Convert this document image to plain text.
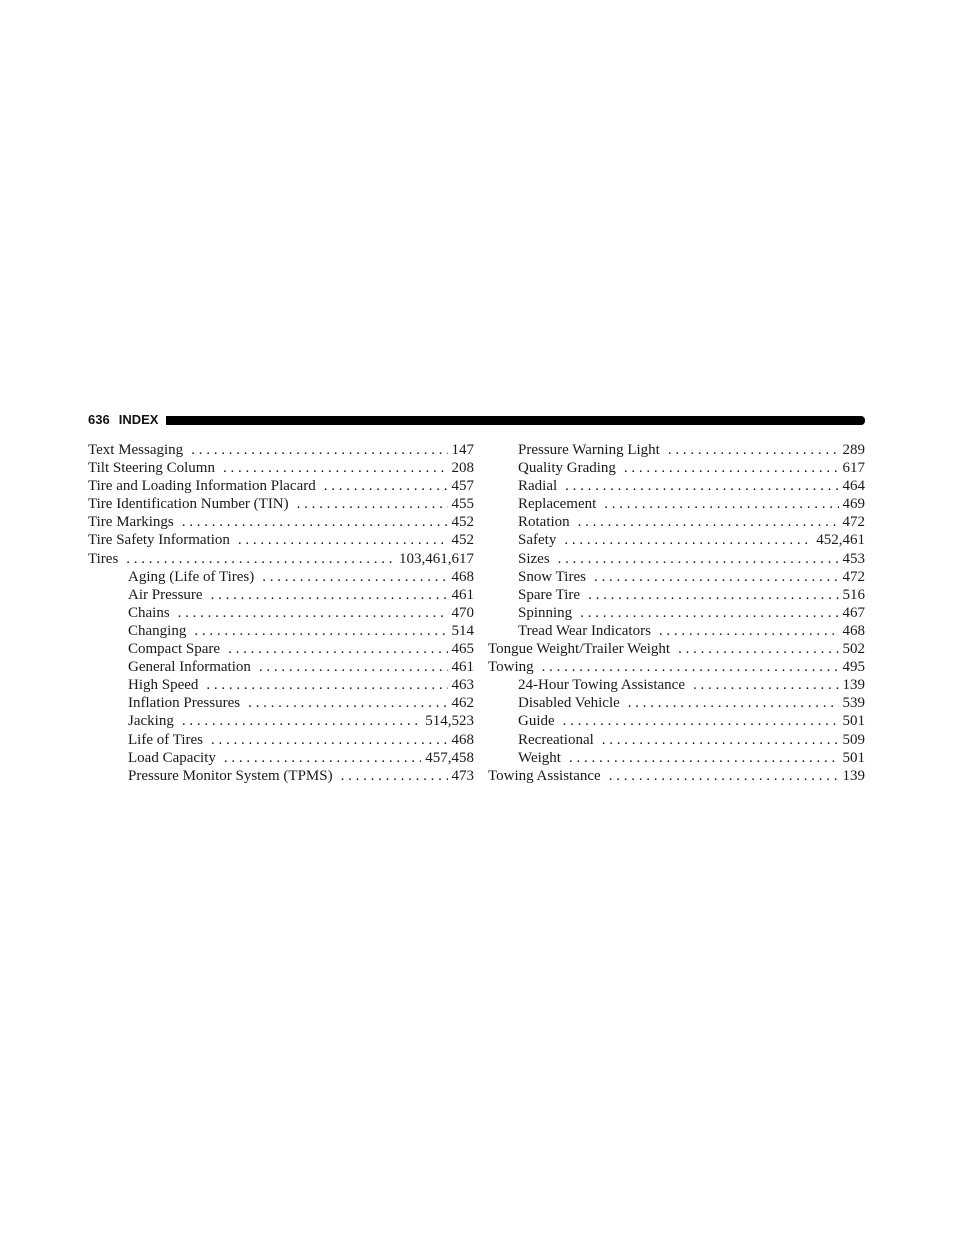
636 INDEX
Text Messaging . . .	147
Tilt Steering Column . . .	208
Tire and Loading Information Placard . . .	457
Tire Identification Number (TIN) . . .	455
Tire Markings . . .	452
Tire Safety Information . . .	452
Tires . . .	103,461,617
Aging (Life of Tires) . . .	468
Air Pressure . . .	461
Chains . . .	470
Changing . . .	514
Compact Spare . . .	465
General Information . . .	461
High Speed . . .	463
Inflation Pressures . . .	462
Jacking . . .	514,523
Life of Tires . . .	468
Load Capacity . . .	457,458
Pressure Monitor System (TPMS) . . .	473
Pressure Warning Light . . .	289
Quality Grading . . .	617
Radial . . .	464
Replacement . . .	469
Rotation . . .	472
Safety . . .	452,461
Sizes . . .	453
Snow Tires . . .	472
Spare Tire . . .	516
Spinning . . .	467
Tread Wear Indicators . . .	468
Tongue Weight/Trailer Weight . . .	502
Towing . . .	495
24-Hour Towing Assistance . . .	139
Disabled Vehicle . . .	539
Guide . . .	501
Recreational . . .	509
Weight . . .	501
Towing Assistance . . .	139
